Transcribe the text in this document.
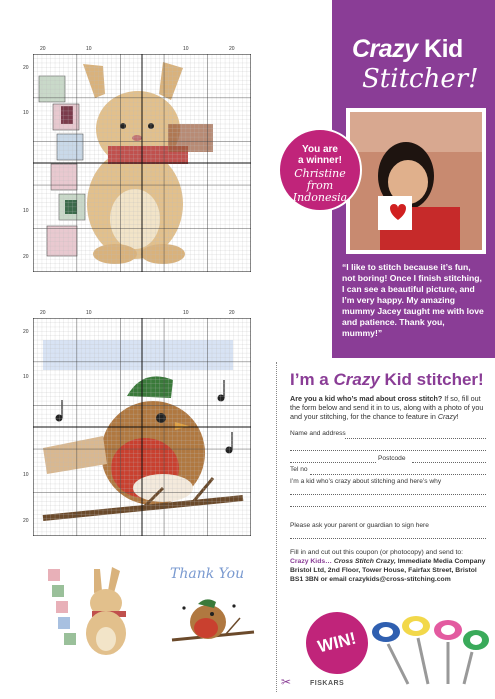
20	10	10	20
20
10
10
20
20	10	10	20
20
10
10
20
Thank You
Crazy Kid
Stitcher!
You are
a winner!
Christine
from
Indonesia
“I like to stitch because it’s fun, not boring! Once I finish stitching, I can see a beautiful picture, and I’m very happy. My amazing mummy Jacey taught me with love and patience. Thank you, mummy!”
I’m a Crazy Kid stitcher!
Are you a kid who’s mad about cross stitch? If so, fill out the form below and send it in to us, along with a photo of you and your stitching, for the chance to feature in Crazy!
Name and address
Postcode
Tel no
I’m a kid who’s crazy about stitching and here’s why
Please ask your parent or guardian to sign here
Fill in and cut out this coupon (or photocopy) and send to:
Crazy Kids… Cross Stitch Crazy, Immediate Media Company Bristol Ltd, 2nd Floor, Tower House, Fairfax Street, Bristol BS1 3BN or email crazykids@cross-stitching.com
WIN!
FISKARS
✂
